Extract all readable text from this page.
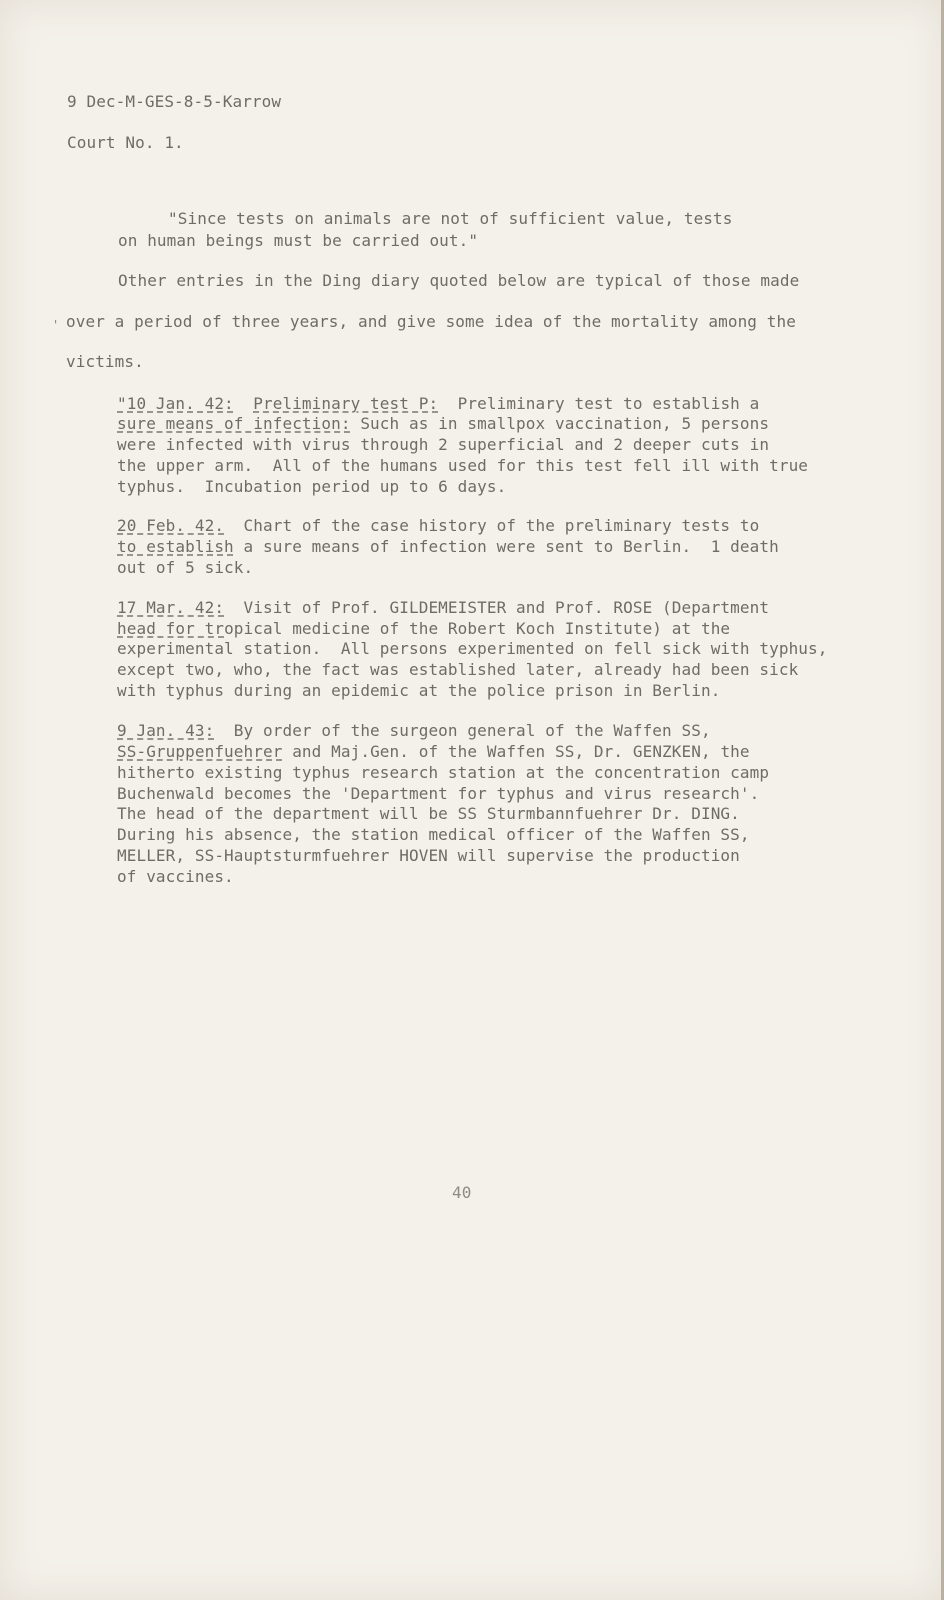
9 Dec-M-GES-8-5-Karrow
Court No. 1.
"Since tests on animals are not of sufficient value, tests
on human beings must be carried out."
Other entries in the Ding diary quoted below are typical of those made
' over a period of three years, and give some idea of the mortality among the
victims.
"10 Jan. 42: Preliminary test P:  Preliminary test to establish a
sure means of infection: Such as in smallpox vaccination, 5 persons
were infected with virus through 2 superficial and 2 deeper cuts in
the upper arm.  All of the humans used for this test fell ill with true
typhus.  Incubation period up to 6 days.
20 Feb. 42.  Chart of the case history of the preliminary tests to
to establish a sure means of infection were sent to Berlin.  1 death
out of 5 sick.
17 Mar. 42:  Visit of Prof. GILDEMEISTER and Prof. ROSE (Department
head for tropical medicine of the Robert Koch Institute) at the
experimental station.  All persons experimented on fell sick with typhus,
except two, who, the fact was established later, already had been sick
with typhus during an epidemic at the police prison in Berlin.
9 Jan. 43:  By order of the surgeon general of the Waffen SS,
SS-Gruppenfuehrer and Maj.Gen. of the Waffen SS, Dr. GENZKEN, the
hitherto existing typhus research station at the concentration camp
Buchenwald becomes the 'Department for typhus and virus research'.
The head of the department will be SS Sturmbannfuehrer Dr. DING.
During his absence, the station medical officer of the Waffen SS,
MELLER, SS-Hauptsturmfuehrer HOVEN will supervise the production
of vaccines.
40
